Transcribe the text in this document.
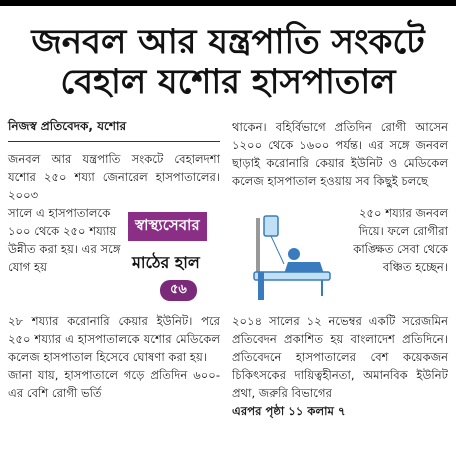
জনবল আর যন্ত্রপাতি সংকটে
বেহাল যশোর হাসপাতাল
নিজস্ব প্রতিবেদক, যশোর

জনবল আর যন্ত্রপাতি সংকটে বেহালদশা যশোর ২৫০ শয্যা জেনারেল হাসপাতালের। ২০০৩

সালে এ হাসপাতালকে ১০০ থেকে ২৫০ শয্যায় উন্নীত করা হয়। এর সঙ্গে যোগ হয়
স্বাস্থ্যসেবার
মাঠের হাল
৫৬

২৮ শয্যার করোনারি কেয়ার ইউনিট। পরে ২৫০ শয্যার এ হাসপাতালকে যশোর মেডিকেল কলেজ হাসপাতাল হিসেবে ঘোষণা করা হয়।

জানা যায়, হাসপাতালে গড়ে প্রতিদিন ৬০০-এর বেশি রোগী ভর্তি

থাকেন। বহির্বিভাগে প্রতিদিন রোগী আসেন ১২০০ থেকে ১৬০০ পর্যন্ত। এর সঙ্গে জনবল ছাড়াই করোনারি কেয়ার ইউনিট ও মেডিকেল কলেজ হাসপাতাল হওয়ায় সব কিছুই চলছে

২৫০ শয্যার জনবল দিয়ে। ফলে রোগীরা কাঙ্ক্ষিত সেবা থেকে বঞ্চিত হচ্ছেন।

২০১৪ সালের ১২ নভেম্বর একটি সরেজমিন প্রতিবেদন প্রকাশিত হয় বাংলাদেশ প্রতিদিনে। প্রতিবেদনে হাসপাতালের বেশ কয়েকজন চিকিৎসকের দায়িত্বহীনতা, অমানবিক ইউনিট প্রথা, জরুরি বিভাগের

এরপর পৃষ্ঠা ১১ কলাম ৭
